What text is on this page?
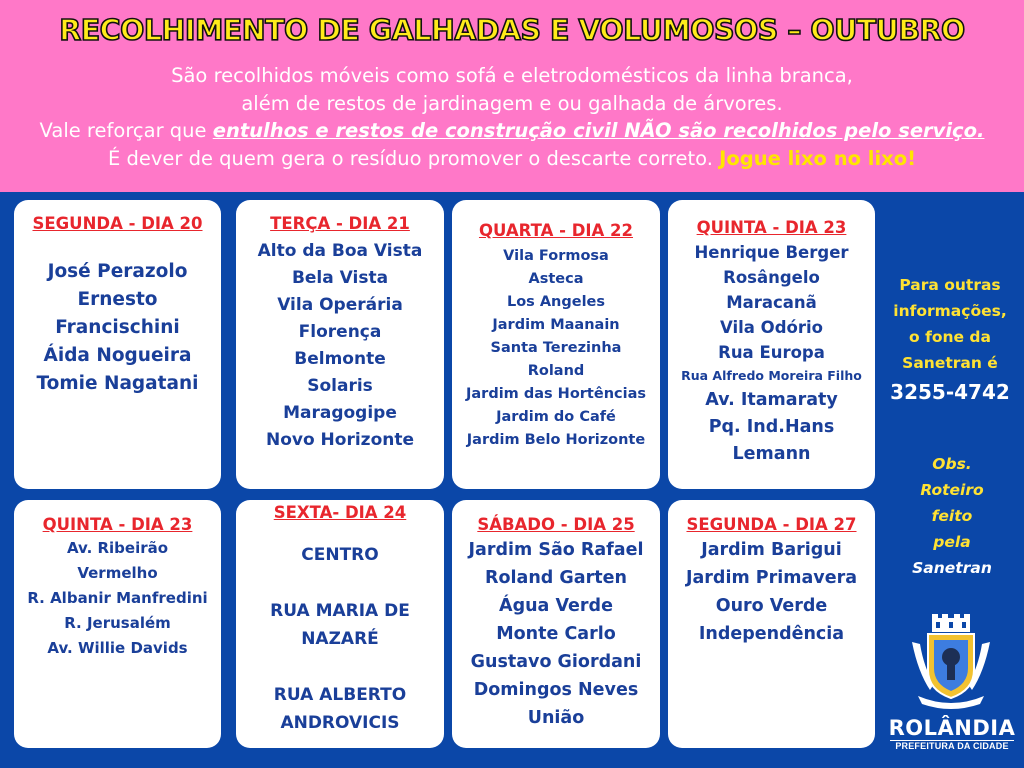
RECOLHIMENTO DE GALHADAS E VOLUMOSOS – OUTUBRO
São recolhidos móveis como sofá e eletrodomésticos da linha branca,
além de restos de jardinagem e ou galhada de árvores.
Vale reforçar que entulhos e restos de construção civil NÃO são recolhidos pelo serviço.
É dever de quem gera o resíduo promover o descarte correto. Jogue lixo no lixo!
SEGUNDA - DIA 20
José Perazolo
Ernesto
Francischini
Áida Nogueira
Tomie Nagatani
TERÇA - DIA 21
Alto da Boa Vista
Bela Vista
Vila Operária
Florença
Belmonte
Solaris
Maragogipe
Novo Horizonte
QUARTA - DIA 22
Vila Formosa
Asteca
Los Angeles
Jardim Maanain
Santa Terezinha
Roland
Jardim das Hortências
Jardim do Café
Jardim Belo Horizonte
QUINTA - DIA 23
Henrique Berger
Rosângelo
Maracanã
Vila Odório
Rua Europa
Rua Alfredo Moreira Filho
Av. Itamaraty
Pq. Ind.Hans
Lemann
QUINTA - DIA 23
Av. Ribeirão
Vermelho
R. Albanir Manfredini
R. Jerusalém
Av. Willie Davids
SEXTA- DIA 24
CENTRO

RUA MARIA DE
NAZARÉ

RUA ALBERTO
ANDROVICIS
SÁBADO - DIA 25
Jardim São Rafael
Roland Garten
Água Verde
Monte Carlo
Gustavo Giordani
Domingos Neves
União
SEGUNDA - DIA 27
Jardim Barigui
Jardim Primavera
Ouro Verde
Independência
Para outras
informações,
o fone da
Sanetran é
3255-4742
Obs.
Roteiro
feito
pela
Sanetran
ROLÂNDIA
PREFEITURA DA CIDADE
